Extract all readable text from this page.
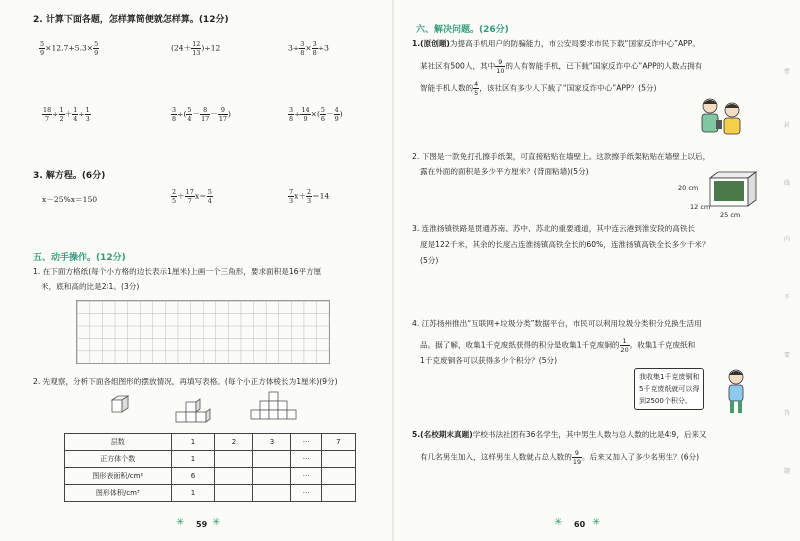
2. 计算下面各题，怎样算简便就怎样算。(12分)
$\frac{5}{9} \times 12.7+5.3\times \frac{5}{9}$	$(24+ \frac{12}{13} )\div 12$	$3\div \frac{3}{8} \times \frac{3}{8} \div 3$
$\frac{18}{7} \div \frac{1}{2} + \frac{1}{4} \div \frac{1}{3}$	$\frac{3}{8}$ ÷( $\frac{5}{4} - \frac{8}{17} - \frac{9}{17}$ )	$\frac{3}{8} \div \frac{14}{9}$ ×( $\frac{5}{6} - \frac{4}{9}$ )
3. 解方程。(6分)
x－25%x＝150	$\frac{2}{5} + \frac{17}{7} x= \frac{5}{4}$	$\frac{7}{3} x+ \frac{2}{3} =14$
五、动手操作。(12分)
1. 在下面方格纸(每个小方格的边长表示1厘米)上画一个三角形，要求面积是16平方厘
米，底和高的比是2∶1。(3分)
2. 先观察，分析下面各组图形的摆放情况，再填写表格。(每个小正方体棱长为1厘米)(9分)
层数	1	2	3	···	7
正方体个数	1			···	
图形表面积/cm²	6			···	
图形体积/cm³	1			···	
59
✳	✳
六、解决问题。(26分)
1.(原创题)为提高手机用户的防骗能力，市公安局要求市民下载“国家反诈中心”APP。
某社区有500人，其中 $\frac{9}{10}$ 的人有智能手机，已下载“国家反诈中心”APP的人数占拥有
智能手机人数的 $\frac{4}{5}$ ，该社区有多少人下载了“国家反诈中心”APP？(5分)
2. 下图是一款免打孔擦手纸架，可直接粘贴在墙壁上。这款擦手纸架粘贴在墙壁上以后，
露在外面的面积是多少平方厘米？(背面粘墙)(5分)
20 cm
12 cm
25 cm
3. 连淮扬镇铁路是贯通苏南、苏中、苏北的重要通道，其中连云港到淮安段的高铁长
度是122千米，其余的长度占连淮扬镇高铁全长的60%，连淮扬镇高铁全长多少千米？
(5分)
4. 江苏扬州推出“互联网+垃圾分类”数据平台，市民可以利用垃圾分类积分兑换生活用
品。据了解，收集1千克废纸获得的积分是收集1千克废铜的 $\frac{1}{20}$ 。收集1千克废纸和
1千克废铜各可以获得多少个积分？(5分)
我收集1千克废铜和
5千克废纸就可以得
到2500个积分。
5.(名校期末真题)学校书法社团有36名学生，其中男生人数与总人数的比是4∶9，后来又
有几名男生加入，这样男生人数就占总人数的 $\frac{9}{19}$ 。后来又加入了多少名男生？(6分)
60
✳	✳
密
封
线
内
不
要
答
题
